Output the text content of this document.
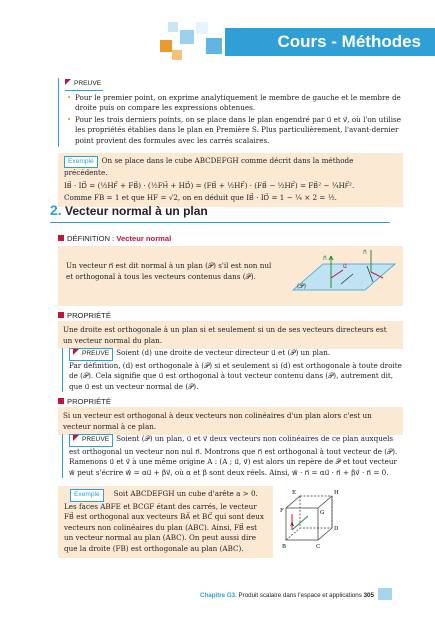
Cours - Méthodes
PREUVE
• Pour le premier point, on exprime analytiquement le membre de gauche et le membre de droite puis on compare les expressions obtenues.
• Pour les trois derniers points, on se place dans le plan engendré par u⃗ et v⃗, où l'on utilise les propriétés établies dans le plan en Première S. Plus particulièrement, l'avant-dernier point provient des formules avec les carrés scalaires.
Exemple On se place dans le cube ABCDEFGH comme décrit dans la méthode précédente.
IB⃗ · ID⃗ = (½HF⃗ + FB⃗) · (½FH⃗ + HD⃗) = (FB⃗ + ½HF⃗) · (FB⃗ − ½HF⃗) = FB⃗² − ¼HF⃗².
Comme FB = 1 et que HF = √2, on en déduit que IB⃗ · ID⃗ = 1 − ¼ × 2 = ½.
2. Vecteur normal à un plan
DÉFINITION : Vecteur normal
Un vecteur n⃗ est dit normal à un plan (𝒫) s'il est non nul et orthogonal à tous les vecteurs contenus dans (𝒫).
n⃗
n⃗
u⃗
(𝒫)
PROPRIÉTÉ
Une droite est orthogonale à un plan si et seulement si un de ses vecteurs directeurs est un vecteur normal du plan.
PREUVE Soient (d) une droite de vecteur directeur u⃗ et (𝒫) un plan.
Par définition, (d) est orthogonale à (𝒫) si et seulement si (d) est orthogonale à toute droite de (𝒫). Cela signifie que u⃗ est orthogonal à tout vecteur contenu dans (𝒫), autrement dit, que u⃗ est un vecteur normal de (𝒫).
PROPRIÉTÉ
Si un vecteur est orthogonal à deux vecteurs non colinéaires d'un plan alors c'est un vecteur normal à ce plan.
PREUVE Soient (𝒫) un plan, u⃗ et v⃗ deux vecteurs non colinéaires de ce plan auxquels est orthogonal un vecteur non nul n⃗. Montrons que n⃗ est orthogonal à tout vecteur de (𝒫).
Ramenons u⃗ et v⃗ à une même origine A : (A ; u⃗, v⃗) est alors un repère de 𝒫 et tout vecteur w⃗ peut s'écrire w⃗ = αu⃗ + βv⃗, où α et β sont deux réels. Ainsi, w⃗ · n⃗ = αu⃗ · n⃗ + βv⃗ · n⃗ = 0.
Exemple Soit ABCDEFGH un cube d'arête a > 0.
Les faces ABFE et BCGF étant des carrés, le vecteur FB⃗ est orthogonal aux vecteurs BA⃗ et BC⃗ qui sont deux vecteurs non colinéaires du plan (ABC). Ainsi, FB⃗ est un vecteur normal au plan (ABC). On peut aussi dire que la droite (FB) est orthogonale au plan (ABC).
E	H
F	G
A
D
B	C
Chapitre G3. Produit scalaire dans l'espace et applications 305
